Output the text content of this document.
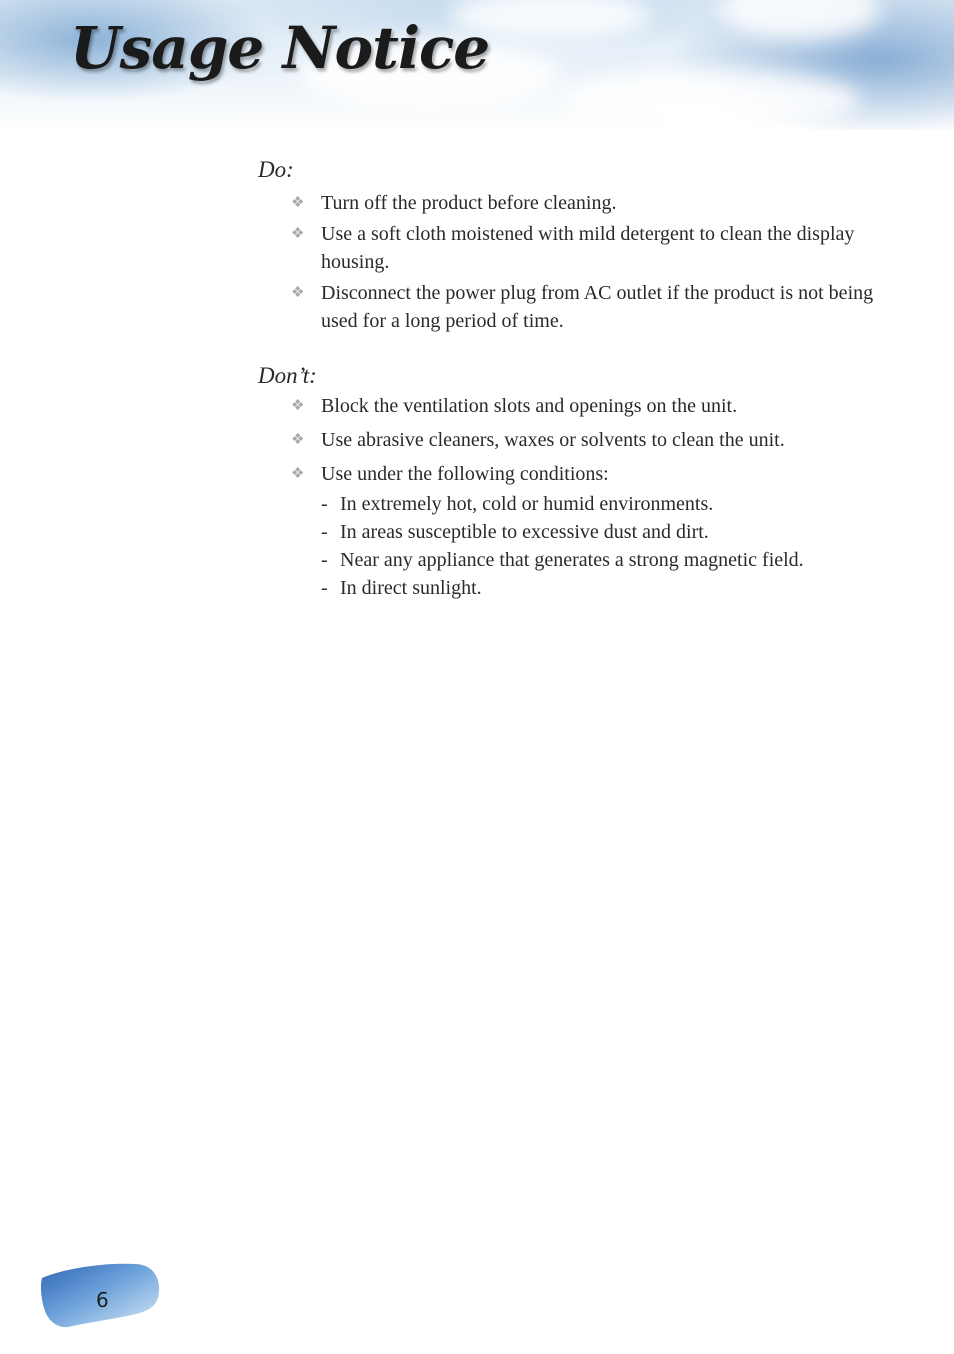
Usage Notice

Do:

❖ Turn off the product before cleaning.
❖ Use a soft cloth moistened with mild detergent to clean the display housing.
❖ Disconnect the power plug from AC outlet if the product is not being used for a long period of time.

Don’t:

❖ Block the ventilation slots and openings on the unit.
❖ Use abrasive cleaners, waxes or solvents to clean the unit.
❖ Use under the following conditions:
- In extremely hot, cold or humid environments.
- In areas susceptible to excessive dust and dirt.
- Near any appliance that generates a strong magnetic field.
- In direct sunlight.
6
